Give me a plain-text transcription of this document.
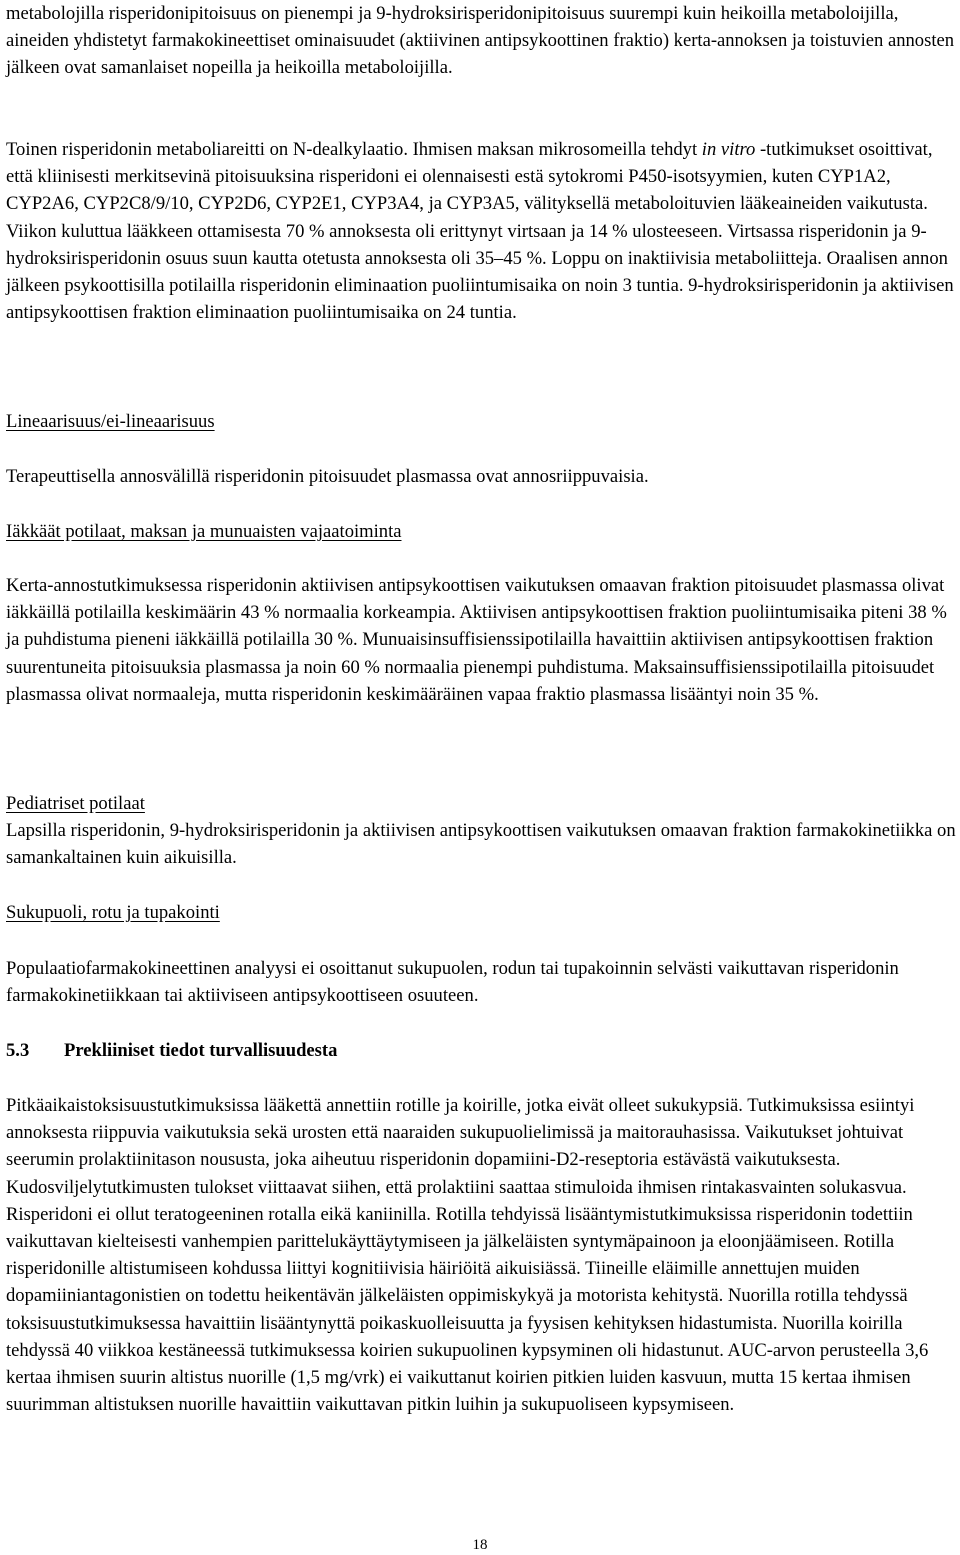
metabolojilla risperidonipitoisuus on pienempi ja 9-hydroksirisperidonipitoisuus suurempi kuin heikoilla metaboloijilla, aineiden yhdistetyt farmakokineettiset ominaisuudet (aktiivinen antipsykoottinen fraktio) kerta-annoksen ja toistuvien annosten jälkeen ovat samanlaiset nopeilla ja heikoilla metaboloijilla.

Toinen risperidonin metaboliareitti on N-dealkylaatio. Ihmisen maksan mikrosomeilla tehdyt in vitro -tutkimukset osoittivat, että kliinisesti merkitsevinä pitoisuuksina risperidoni ei olennaisesti estä sytokromi P450-isotsyymien, kuten CYP1A2, CYP2A6, CYP2C8/9/10, CYP2D6, CYP2E1, CYP3A4, ja CYP3A5, välityksellä metaboloituvien lääkeaineiden vaikutusta. Viikon kuluttua lääkkeen ottamisesta 70 % annoksesta oli erittynyt virtsaan ja 14 % ulosteeseen. Virtsassa risperidonin ja 9-hydroksirisperidonin osuus suun kautta otetusta annoksesta oli 35–45 %. Loppu on inaktiivisia metaboliitteja. Oraalisen annon jälkeen psykoottisilla potilailla risperidonin eliminaation puoliintumisaika on noin 3 tuntia. 9-hydroksirisperidonin ja aktiivisen antipsykoottisen fraktion eliminaation puoliintumisaika on 24 tuntia.

Lineaarisuus/ei-lineaarisuus

Terapeuttisella annosvälillä risperidonin pitoisuudet plasmassa ovat annosriippuvaisia.

Iäkkäät potilaat, maksan ja munuaisten vajaatoiminta

Kerta-annostutkimuksessa risperidonin aktiivisen antipsykoottisen vaikutuksen omaavan fraktion pitoisuudet plasmassa olivat iäkkäillä potilailla keskimäärin 43 % normaalia korkeampia. Aktiivisen antipsykoottisen fraktion puoliintumisaika piteni 38 % ja puhdistuma pieneni iäkkäillä potilailla 30 %. Munuaisinsuffisienssipotilailla havaittiin aktiivisen antipsykoottisen fraktion suurentuneita pitoisuuksia plasmassa ja noin 60 % normaalia pienempi puhdistuma. Maksainsuffisienssipotilailla pitoisuudet plasmassa olivat normaaleja, mutta risperidonin keskimääräinen vapaa fraktio plasmassa lisääntyi noin 35 %.

Pediatriset potilaat

Lapsilla risperidonin, 9-hydroksirisperidonin ja aktiivisen antipsykoottisen vaikutuksen omaavan fraktion farmakokinetiikka on samankaltainen kuin aikuisilla.

Sukupuoli, rotu ja tupakointi

Populaatiofarmakokineettinen analyysi ei osoittanut sukupuolen, rodun tai tupakoinnin selvästi vaikuttavan risperidonin farmakokinetiikkaan tai aktiiviseen antipsykoottiseen osuuteen.

5.3 Prekliiniset tiedot turvallisuudesta

Pitkäaikaistoksisuustutkimuksissa lääkettä annettiin rotille ja koirille, jotka eivät olleet sukukypsiä. Tutkimuksissa esiintyi annoksesta riippuvia vaikutuksia sekä urosten että naaraiden sukupuolielimissä ja maitorauhasissa. Vaikutukset johtuivat seerumin prolaktiinitason noususta, joka aiheutuu risperidonin dopamiini-D2-reseptoria estävästä vaikutuksesta. Kudosviljelytutkimusten tulokset viittaavat siihen, että prolaktiini saattaa stimuloida ihmisen rintakasvainten solukasvua. Risperidoni ei ollut teratogeeninen rotalla eikä kaniinilla. Rotilla tehdyissä lisääntymistutkimuksissa risperidonin todettiin vaikuttavan kielteisesti vanhempien parittelukäyttäytymiseen ja jälkeläisten syntymäpainoon ja eloonjäämiseen. Rotilla risperidonille altistumiseen kohdussa liittyi kognitiivisia häiriöitä aikuisiässä. Tiineille eläimille annettujen muiden dopamiiniantagonistien on todettu heikentävän jälkeläisten oppimiskykyä ja motorista kehitystä. Nuorilla rotilla tehdyssä toksisuustutkimuksessa havaittiin lisääntynyttä poikaskuolleisuutta ja fyysisen kehityksen hidastumista. Nuorilla koirilla tehdyssä 40 viikkoa kestäneessä tutkimuksessa koirien sukupuolinen kypsyminen oli hidastunut. AUC-arvon perusteella 3,6 kertaa ihmisen suurin altistus nuorille (1,5 mg/vrk) ei vaikuttanut koirien pitkien luiden kasvuun, mutta 15 kertaa ihmisen suurimman altistuksen nuorille havaittiin vaikuttavan pitkin luihin ja sukupuoliseen kypsymiseen.

18
